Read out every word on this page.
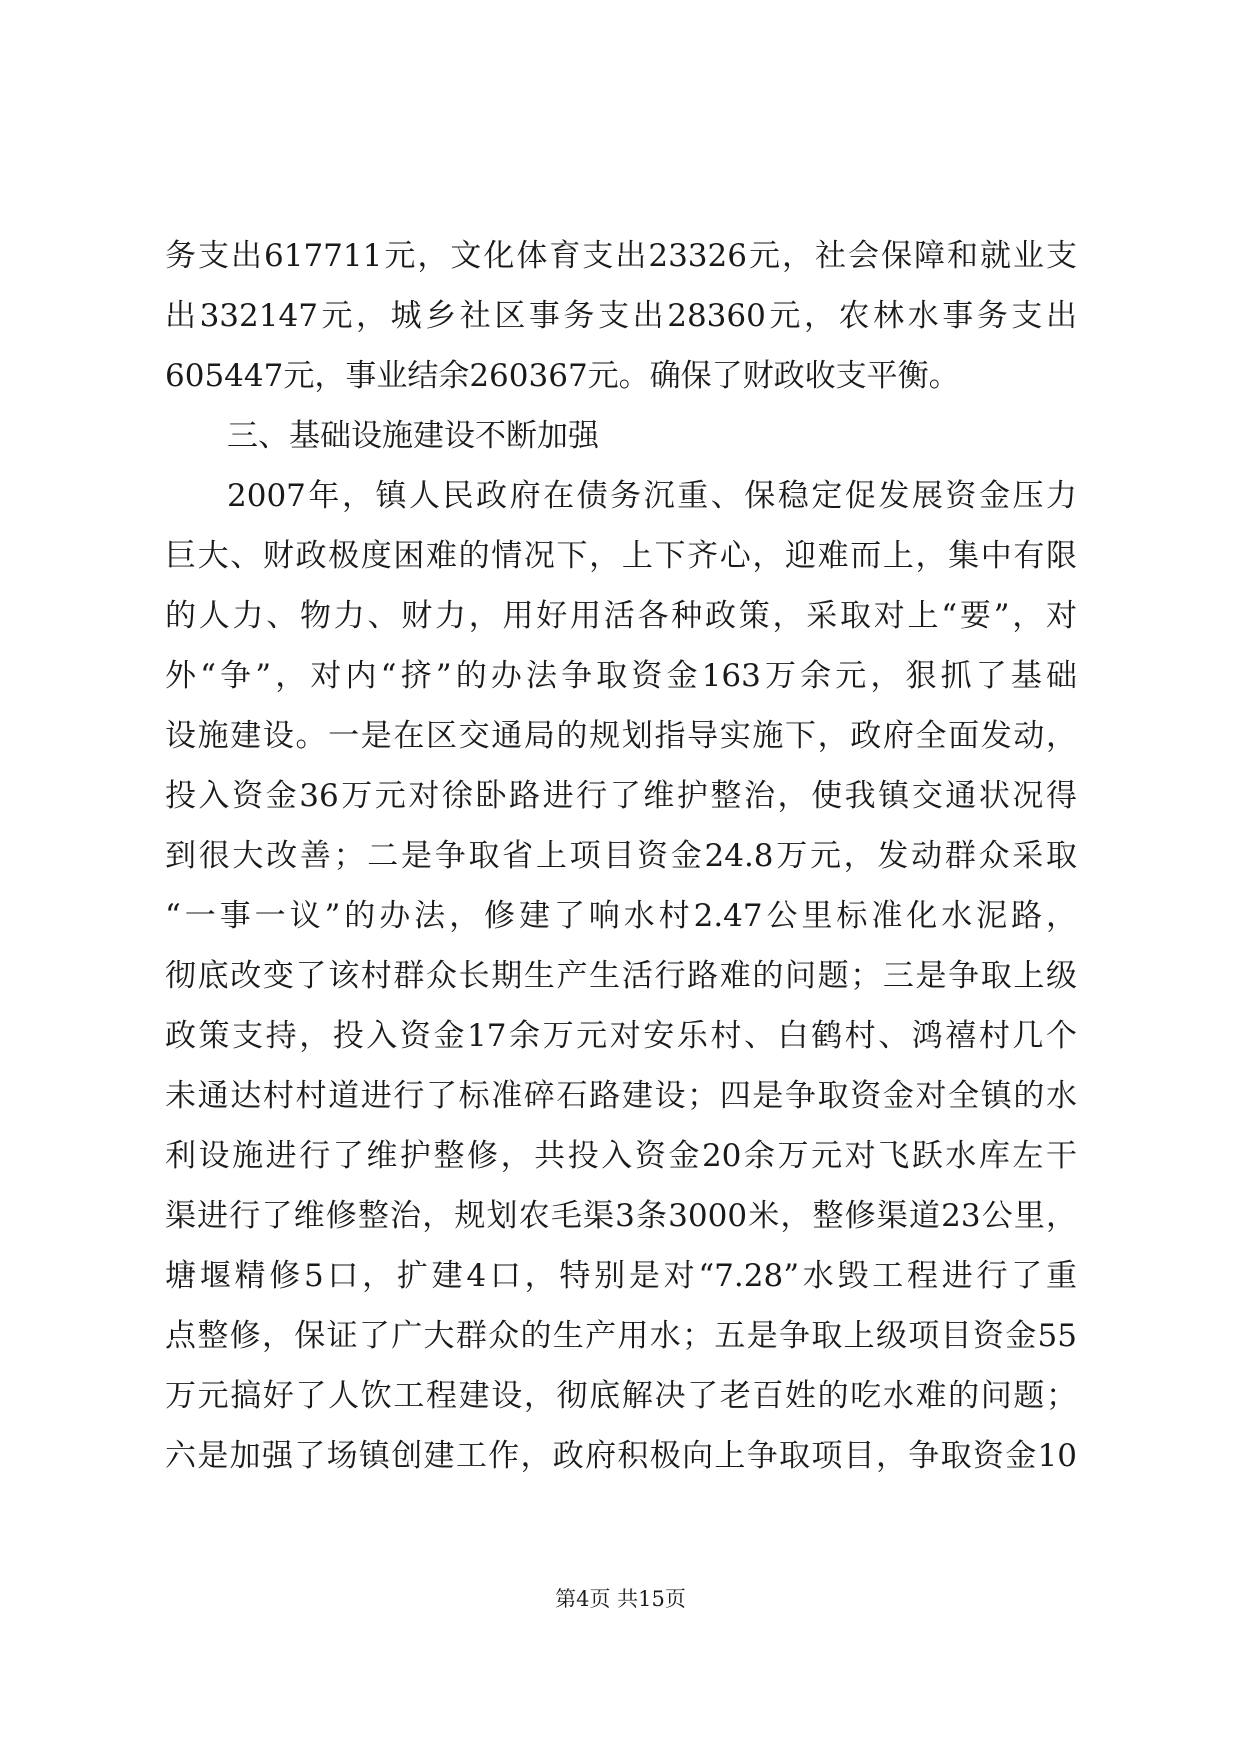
务支出617711元，文化体育支出23326元，社会保障和就业支
出332147元，城乡社区事务支出28360元，农林水事务支出
605447元，事业结余260367元。确保了财政收支平衡。
三、基础设施建设不断加强
2007年，镇人民政府在债务沉重、保稳定促发展资金压力
巨大、财政极度困难的情况下，上下齐心，迎难而上，集中有限
的人力、物力、财力，用好用活各种政策，采取对上“要”，对
外“争”，对内“挤”的办法争取资金163万余元，狠抓了基础
设施建设。一是在区交通局的规划指导实施下，政府全面发动，
投入资金36万元对徐卧路进行了维护整治，使我镇交通状况得
到很大改善；二是争取省上项目资金24.8万元，发动群众采取
“一事一议”的办法，修建了响水村2.47公里标准化水泥路，
彻底改变了该村群众长期生产生活行路难的问题；三是争取上级
政策支持，投入资金17余万元对安乐村、白鹤村、鸿禧村几个
未通达村村道进行了标准碎石路建设；四是争取资金对全镇的水
利设施进行了维护整修，共投入资金20余万元对飞跃水库左干
渠进行了维修整治，规划农毛渠3条3000米，整修渠道23公里，
塘堰精修5口，扩建4口，特别是对“7.28”水毁工程进行了重
点整修，保证了广大群众的生产用水；五是争取上级项目资金55
万元搞好了人饮工程建设，彻底解决了老百姓的吃水难的问题；
六是加强了场镇创建工作，政府积极向上争取项目，争取资金10
第4页 共15页
